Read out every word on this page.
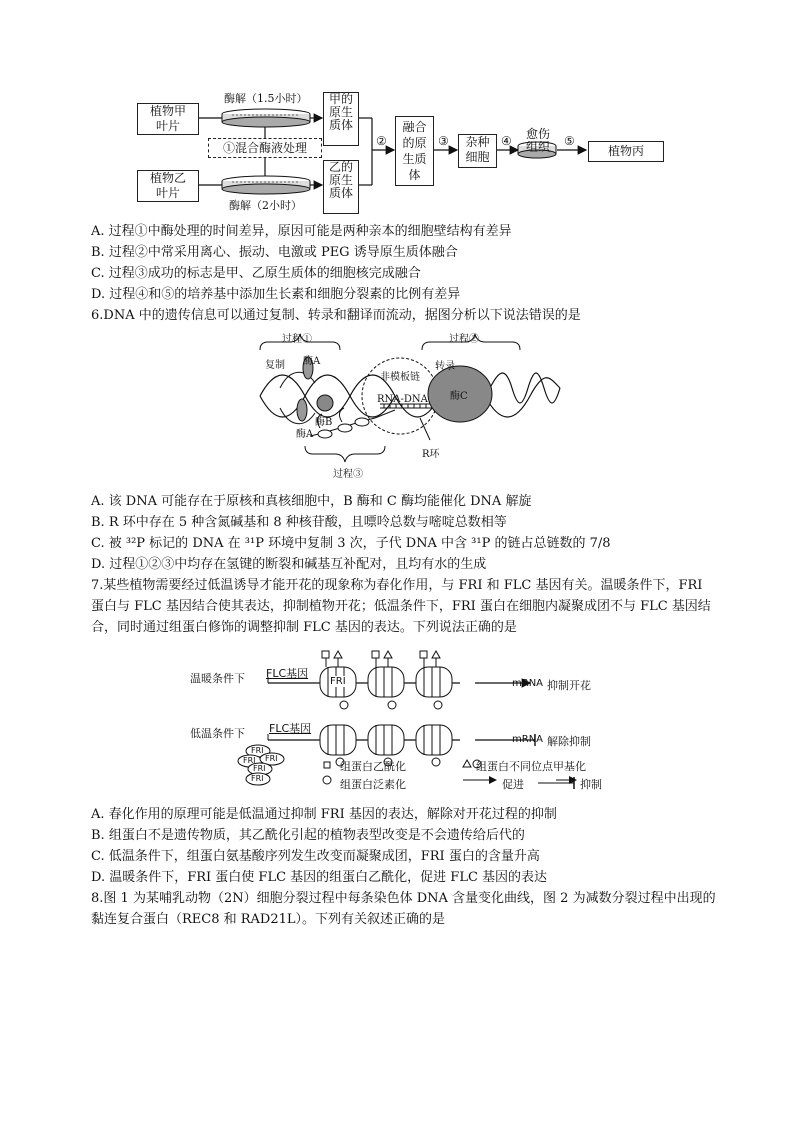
植物甲叶片
植物乙叶片
酶解（1.5小时）
酶解（2小时）
①混合酶液处理
甲的原生质体
乙的原生质体
②
融合的原生质体
③ 杂种细胞
④ 愈伤组织 ⑤
植物丙
A. 过程①中酶处理的时间差异，原因可能是两种亲本的细胞壁结构有差异
B. 过程②中常采用离心、振动、电激或 PEG 诱导原生质体融合
C. 过程③成功的标志是甲、乙原生质体的细胞核完成融合
D. 过程④和⑤的培养基中添加生长素和细胞分裂素的比例有差异
6.DNA 中的遗传信息可以通过复制、转录和翻译而流动，据图分析以下说法错误的是
过程①	过程②
过程③
复制	转录
酶A
酶A
酶B
酶C
非模板链
RNA-DNA
R环
A. 该 DNA 可能存在于原核和真核细胞中，B 酶和 C 酶均能催化 DNA 解旋
B. R 环中存在 5 种含氮碱基和 8 种核苷酸，且嘌呤总数与嘧啶总数相等
C. 被 ³²P 标记的 DNA 在 ³¹P 环境中复制 3 次，子代 DNA 中含 ³¹P 的链占总链数的 7/8
D. 过程①②③中均存在氢键的断裂和碱基互补配对，且均有水的生成
7.某些植物需要经过低温诱导才能开花的现象称为春化作用，与 FRI 和 FLC 基因有关。温暖条件下，FRI
蛋白与 FLC 基因结合使其表达，抑制植物开花；低温条件下，FRI 蛋白在细胞内凝聚成团不与 FLC 基因结
合，同时通过组蛋白修饰的调整抑制 FLC 基因的表达。下列说法正确的是
温暖条件下
低温条件下
FLC基因
FLC基因
FRI	mRNA
mRNA
抑制开花
解除抑制
FRI
FRI FRI
FRI
FRI
组蛋白乙酰化
组蛋白泛素化
组蛋白不同位点甲基化
促进	抑制
A. 春化作用的原理可能是低温通过抑制 FRI 基因的表达，解除对开花过程的抑制
B. 组蛋白不是遗传物质，其乙酰化引起的植物表型改变是不会遗传给后代的
C. 低温条件下，组蛋白氨基酸序列发生改变而凝聚成团，FRI 蛋白的含量升高
D. 温暖条件下，FRI 蛋白使 FLC 基因的组蛋白乙酰化，促进 FLC 基因的表达
8.图 1 为某哺乳动物（2N）细胞分裂过程中每条染色体 DNA 含量变化曲线，图 2 为减数分裂过程中出现的
黏连复合蛋白（REC8 和 RAD21L）。下列有关叙述正确的是
